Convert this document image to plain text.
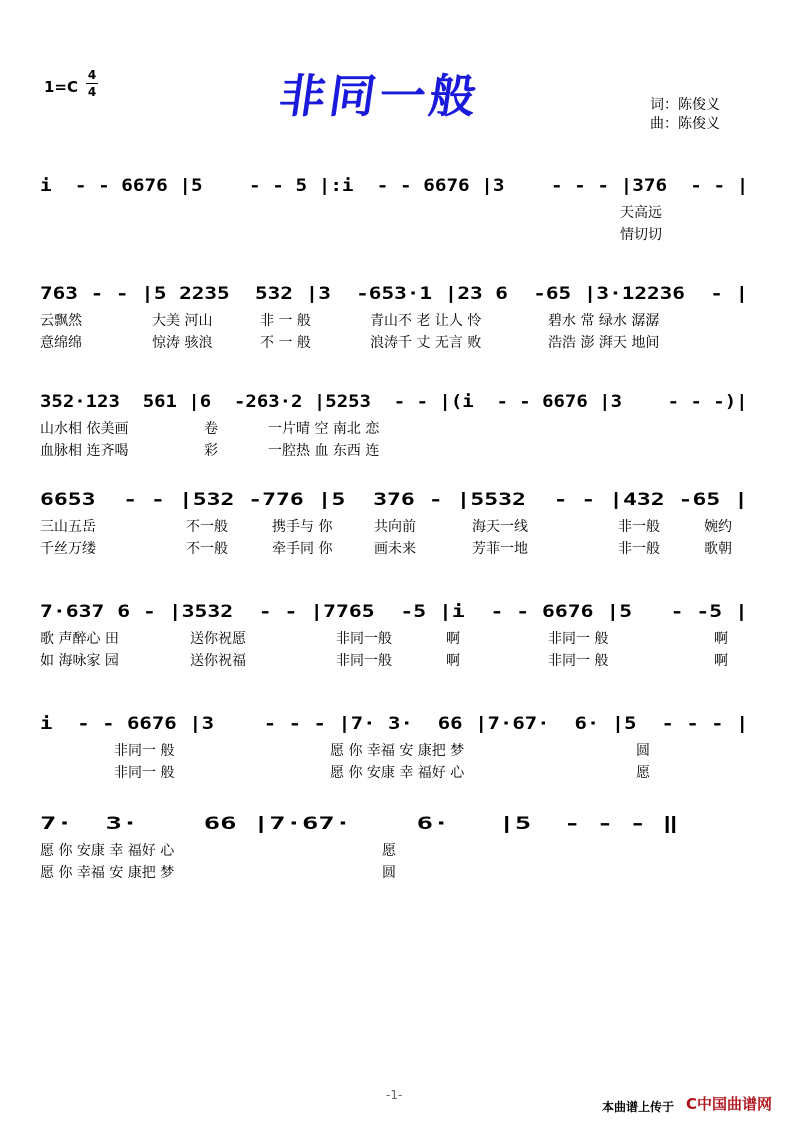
1=C
4
4	非同一般	词：陈俊义
曲：陈俊义
i  - - 6676 |5    - - 5 |:i  - - 6676 |3    - - - |376  - - |
天高远
情切切
763 - - |5 2235  532 |3  -653·1 |23 6  -65 |3·12236  - |
云飘然	大美 河山	非 一 般	青山不 老 让人 怜	碧水 常 绿水 潺潺
意绵绵	惊涛 骇浪	不 一 般	浪涛千 丈 无言 败	浩浩 澎 湃天 地间
352·123  561 |6  -263·2 |5253  - - |(i  - - 6676 |3    - - -)|
山水相 依美画	卷	一片晴 空 南北 恋
血脉相 连齐喝	彩	一腔热 血 东西 连
6653  - - |532 -776 |5  376 - |5532  - - |432 -65 |
三山五岳	不一般	携手与 你	共向前	海天一线	非一般	婉约
千丝万缕	不一般	牵手同 你	画未来	芳菲一地	非一般	歌朝
7·637 6 - |3532  - - |7765  -5 |i  - - 6676 |5   - -5 |
歌 声醉心 田	送你祝愿	非同一般	啊	非同一 般	啊
如 海咏家 园	送你祝福	非同一般	啊	非同一 般	啊
i  - - 6676 |3    - - - |7· 3·  66 |7·67·  6· |5  - - - |
非同一 般	愿 你 幸福 安 康把 梦	圆
非同一 般	愿 你 安康 幸 福好 心	愿
7·  3·    66 |7·67·    6·   |5  - - - ‖
愿 你 安康 幸 福好 心	愿
愿 你 幸福 安 康把 梦	圆
-1-
本曲谱上传于 C中国曲谱网
